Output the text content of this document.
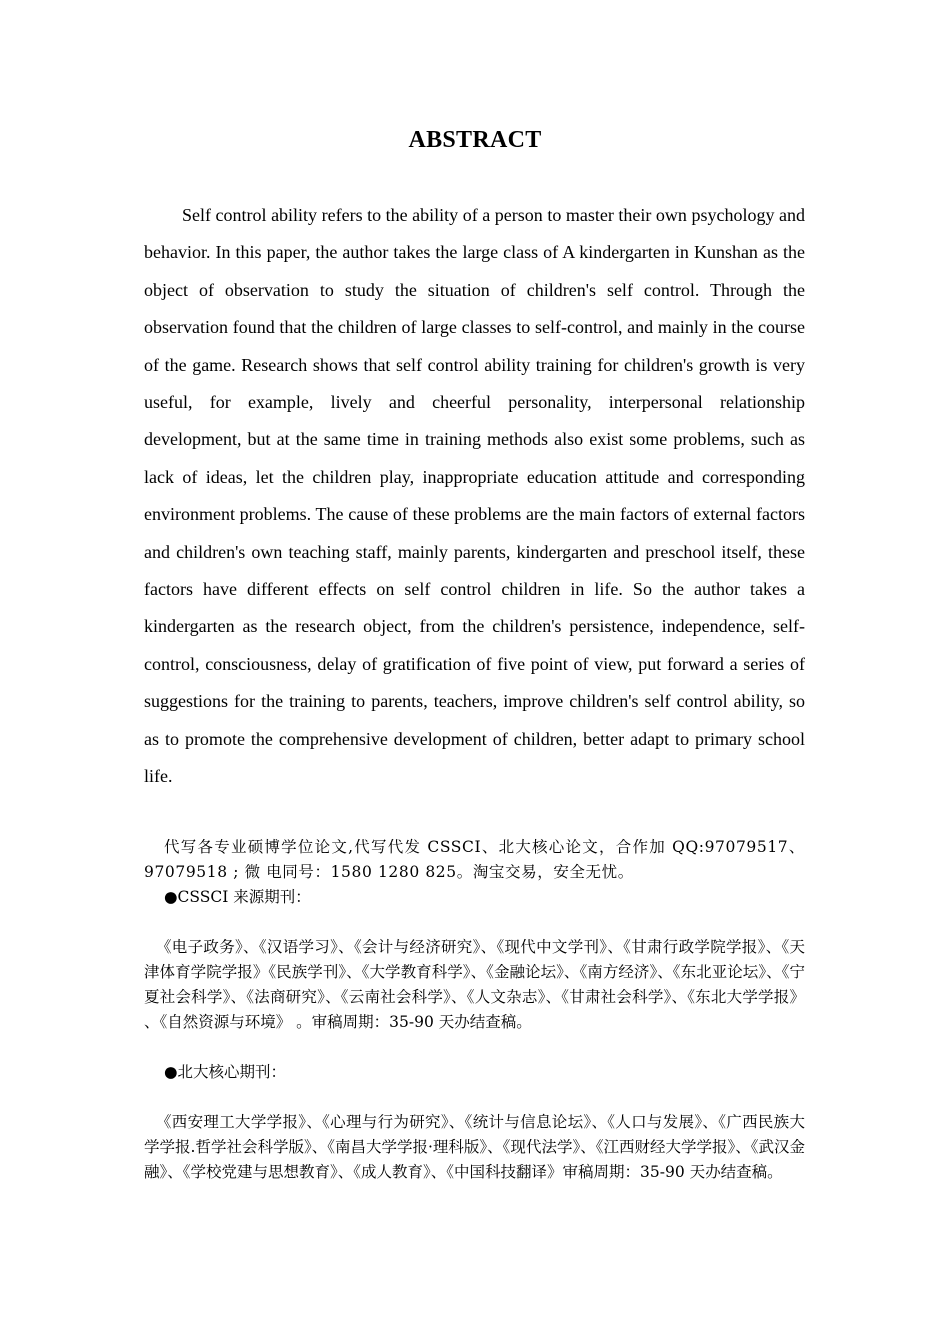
ABSTRACT

Self control ability refers to the ability of a person to master their own psychology and behavior. In this paper, the author takes the large class of A kindergarten in Kunshan as the object of observation to study the situation of children's self control. Through the observation found that the children of large classes to self-control, and mainly in the course of the game. Research shows that self control ability training for children's growth is very useful, for example, lively and cheerful personality, interpersonal relationship development, but at the same time in training methods also exist some problems, such as lack of ideas, let the children play, inappropriate education attitude and corresponding environment problems. The cause of these problems are the main factors of external factors and children's own teaching staff, mainly parents, kindergarten and preschool itself, these factors have different effects on self control children in life. So the author takes a kindergarten as the research object, from the children's persistence, independence, self-control, consciousness, delay of gratification of five point of view, put forward a series of suggestions for the training to parents, teachers, improve children's self control ability, so as to promote the comprehensive development of children, better adapt to primary school life.

代写各专业硕博学位论文,代写代发 CSSCI、北大核心论文，合作加 QQ:97079517、97079518 ; 微 电同号：1580 1280 825。淘宝交易，安全无忧。

●CSSCI 来源期刊：

《电子政务》、《汉语学习》、《会计与经济研究》、《现代中文学刊》、《甘肃行政学院学报》、《天津体育学院学报》《民族学刊》、《大学教育科学》、《金融论坛》、《南方经济》、《东北亚论坛》、《宁夏社会科学》、《法商研究》、《云南社会科学》、《人文杂志》、《甘肃社会科学》、《东北大学学报》 、《自然资源与环境》 。审稿周期：35-90 天办结查稿。

●北大核心期刊：

《西安理工大学学报》、《心理与行为研究》、《统计与信息论坛》、《人口与发展》、《广西民族大学学报.哲学社会科学版》、《南昌大学学报·理科版》、《现代法学》、《江西财经大学学报》、《武汉金融》、《学校党建与思想教育》、《成人教育》、《中国科技翻译》审稿周期：35-90 天办结查稿。
